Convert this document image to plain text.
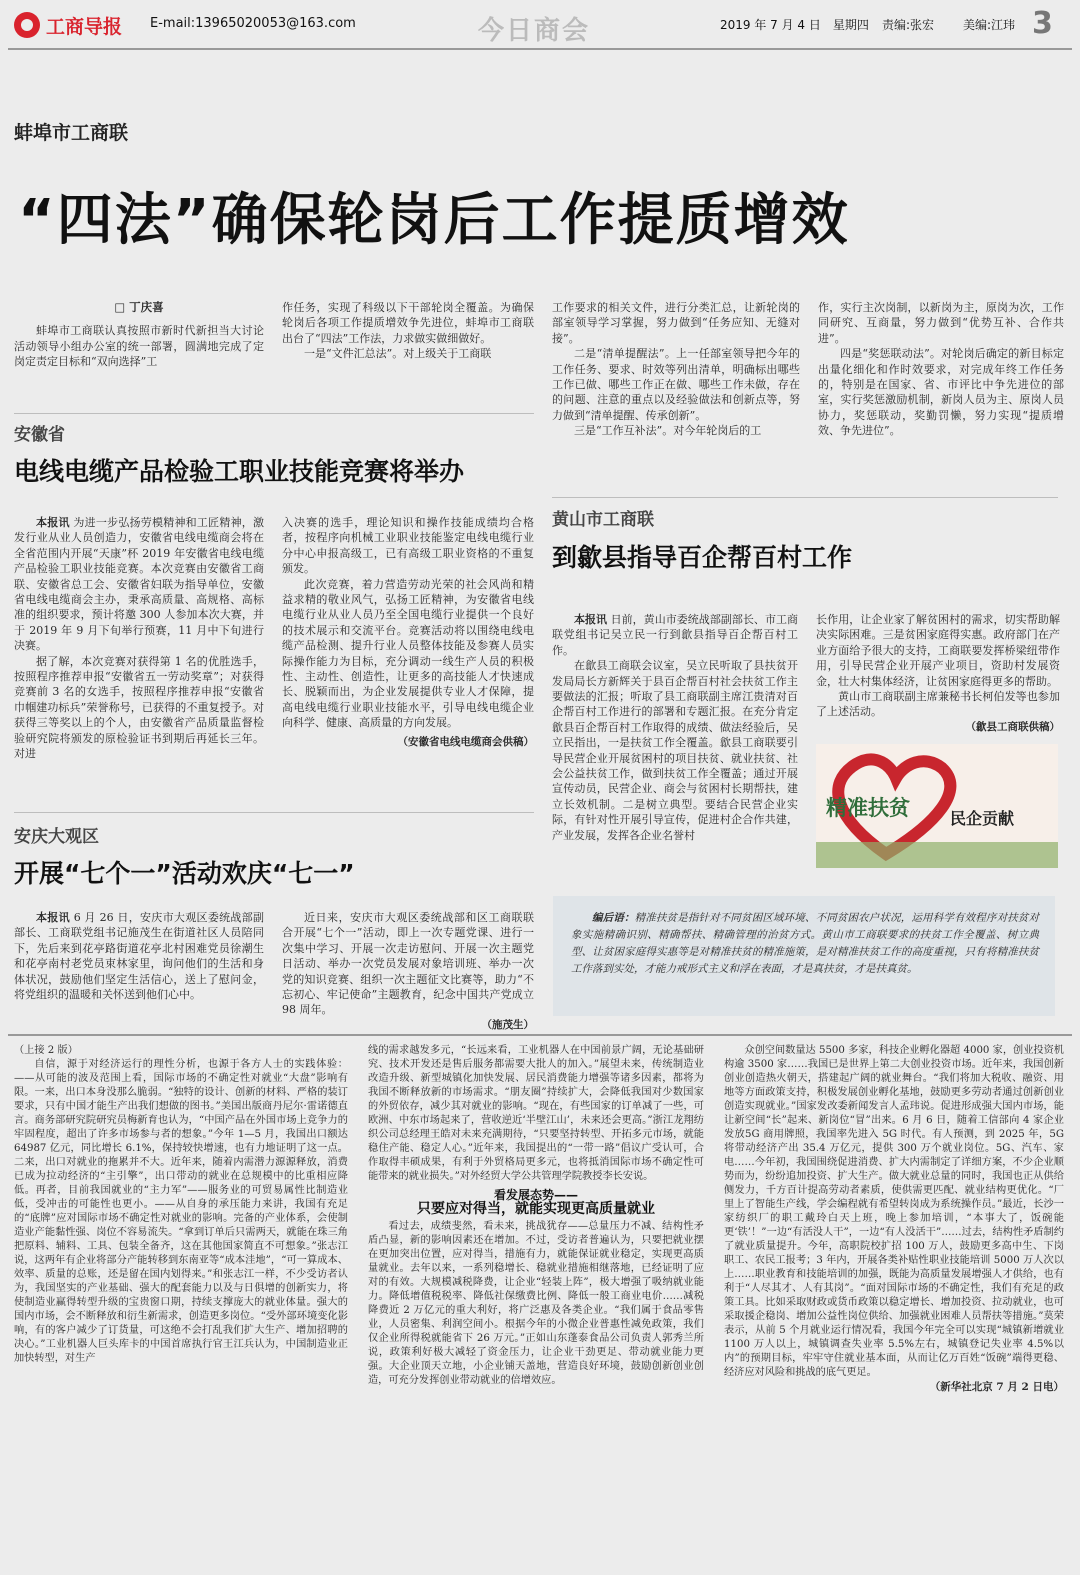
工商导报 E-mail:13965020053@163.com	今日商会	2019 年 7 月 4 日　星期四 责编:张宏 美编:江玮 3
蚌埠市工商联
“四法”确保轮岗后工作提质增效

□ 丁庆喜

蚌埠市工商联认真按照市新时代新担当大讨论活动领导小组办公室的统一部署，圆满地完成了定岗定责定目标和“双向选择”工

作任务，实现了科级以下干部轮岗全覆盖。为确保轮岗后各项工作提质增效争先进位，蚌埠市工商联出台了“四法”工作法，力求做实做细做好。

一是“文件汇总法”。对上级关于工商联

工作要求的相关文件，进行分类汇总，让新轮岗的部室领导学习掌握，努力做到“任务应知、无缝对接”。

二是“清单提醒法”。上一任部室领导把今年的工作任务、要求、时效等列出清单，明确标出哪些工作已做、哪些工作正在做、哪些工作未做，存在的问题、注意的重点以及经验做法和创新点等，努力做到“清单提醒、传承创新”。

三是“工作互补法”。对今年轮岗后的工

作，实行主次岗制，以新岗为主，原岗为次，工作同研究、互商量，努力做到“优势互补、合作共进”。

四是“奖惩联动法”。对轮岗后确定的新目标定出量化细化和作时效要求，对完成年终工作任务的，特别是在国家、省、市评比中争先进位的部室，实行奖惩激励机制，新岗人员为主、原岗人员协力，奖惩联动，奖勤罚懒，努力实现“提质增效、争先进位”。

安徽省
电线电缆产品检验工职业技能竞赛将举办

本报讯 为进一步弘扬劳模精神和工匠精神，激发行业从业人员创造力，安徽省电线电缆商会将在全省范围内开展“天康”杯 2019 年安徽省电线电缆产品检验工职业技能竞赛。本次竞赛由安徽省工商联、安徽省总工会、安徽省妇联为指导单位，安徽省电线电缆商会主办，秉承高质量、高规格、高标准的组织要求，预计将邀 300 人参加本次大赛，并于 2019 年 9 月下旬举行预赛，11 月中下旬进行决赛。

据了解，本次竞赛对获得第 1 名的优胜选手，按照程序推荐申报“安徽省五一劳动奖章”；对获得竞赛前 3 名的女选手，按照程序推荐申报“安徽省巾帼建功标兵”荣誉称号，已获得的不重复授予。对获得三等奖以上的个人，由安徽省产品质量监督检验研究院将颁发的原检验证书到期后再延长三年。对进

入决赛的选手，理论知识和操作技能成绩均合格者，按程序向机械工业职业技能鉴定电线电缆行业分中心申报高级工，已有高级工职业资格的不重复颁发。

此次竞赛，着力营造劳动光荣的社会风尚和精益求精的敬业风气，弘扬工匠精神，为安徽省电线电缆行业从业人员乃至全国电缆行业提供一个良好的技术展示和交流平台。竞赛活动将以围绕电线电缆产品检测、提升行业人员整体技能及参赛人员实际操作能力为目标，充分调动一线生产人员的积极性、主动性、创造性，让更多的高技能人才快速成长、脱颖而出，为企业发展提供专业人才保障，提高电线电缆行业职业技能水平，引导电线电缆企业向科学、健康、高质量的方向发展。

（安徽省电线电缆商会供稿）

安庆大观区
开展“七个一”活动欢庆“七一”

本报讯 6 月 26 日，安庆市大观区委统战部副部长、工商联党组书记施茂生在街道社区人员陪同下，先后来到花亭路街道花亭北村困难党员徐潮生和花亭南村老党员束林家里，询问他们的生活和身体状况，鼓励他们坚定生活信心，送上了慰问金，将党组织的温暖和关怀送到他们心中。

近日来，安庆市大观区委统战部和区工商联联合开展“七个一”活动，即上一次专题党课、进行一次集中学习、开展一次走访慰问、开展一次主题党日活动、举办一次党员发展对象培训班、举办一次党的知识竞赛、组织一次主题征文比赛等，助力“不忘初心、牢记使命”主题教育，纪念中国共产党成立 98 周年。

（施茂生）

黄山市工商联
到歙县指导百企帮百村工作

本报讯 日前，黄山市委统战部副部长、市工商联党组书记吴立民一行到歙县指导百企帮百村工作。

在歙县工商联会议室，吴立民听取了县扶贫开发局局长方新辉关于县百企帮百村社会扶贫工作主要做法的汇报；听取了县工商联副主席江贵清对百企帮百村工作进行的部署和专题汇报。在充分肯定歙县百企帮百村工作取得的成绩、做法经验后，吴立民指出，一是扶贫工作全覆盖。歙县工商联要引导民营企业开展贫困村的项目扶贫、就业扶贫、社会公益扶贫工作，做到扶贫工作全覆盖；通过开展宣传动员，民营企业、商会与贫困村长期帮扶，建立长效机制。二是树立典型。要结合民营企业实际，有针对性开展引导宣传，促进村企合作共建，产业发展，发挥各企业名誉村

长作用，让企业家了解贫困村的需求，切实帮助解决实际困难。三是贫困家庭得实惠。政府部门在产业方面给予很大的支持，工商联要发挥桥梁纽带作用，引导民营企业开展产业项目，资助村发展资金，壮大村集体经济，让贫困家庭得更多的帮助。

黄山市工商联副主席兼秘书长柯伯发等也参加了上述活动。

（歙县工商联供稿）

精准扶贫	民企贡献

编后语：精准扶贫是指针对不同贫困区域环境、不同贫困农户状况，运用科学有效程序对扶贫对象实施精确识别、精确帮扶、精确管理的治贫方式。黄山市工商联要求的扶贫工作全覆盖、树立典型、让贫困家庭得实惠等是对精准扶贫的精准施策，是对精准扶贫工作的高度重视，只有将精准扶贫工作落到实处，才能力戒形式主义和浮在表面，才是真扶贫，才是扶真贫。

（上接 2 版）

自信，源于对经济运行的理性分析，也源于各方人士的实践体验：——从可能的波及范围上看，国际市场的不确定性对就业“大盘”影响有限。一来，出口本身没那么脆弱。“独特的设计、创新的材料、严格的装订要求，只有中国才能生产出我们想做的图书。”美国出版商丹尼尔·雷诺德直言。商务部研究院研究员梅新育也认为，“中国产品在外国市场上竞争力的牢固程度，超出了许多市场参与者的想象。”今年 1—5 月，我国出口额达 64987 亿元，同比增长 6.1%，保持较快增速，也有力地证明了这一点。二来，出口对就业的拖累并不大。近年来，随着内需潜力源源释放，消费已成为拉动经济的“主引擎”，出口带动的就业在总规模中的比重相应降低。再者，目前我国就业的“主力军”——服务业的可贸易属性比制造业低，受冲击的可能性也更小。——从自身的承压能力来讲，我国有充足的“底牌”应对国际市场不确定性对就业的影响。完备的产业体系，会使制造业产能黏性强、岗位不容易流失。“拿到订单后只需两天，就能在珠三角把原料、辅料、工具、包装全备齐，这在其他国家简直不可想象。”张志江说，这两年有企业将部分产能转移到东南亚等“成本洼地”，“可一算成本、效率、质量的总账，还是留在国内划得来。”和张志江一样，不少受访者认为，我国坚实的产业基础、强大的配套能力以及与日俱增的创新实力，将使制造业赢得转型升级的宝贵窗口期，持续支撑庞大的就业体量。强大的国内市场，会不断释放和衍生新需求，创造更多岗位。“受外部环境变化影响，有的客户减少了订货量，可这绝不会打乱我们扩大生产、增加招聘的决心。”工业机器人巨头库卡的中国首席执行官王江兵认为，中国制造业正加快转型，对生产

线的需求越发多元，“长远来看，工业机器人在中国前景广阔，无论基础研究、技术开发还是售后服务都需要大批人的加入。”展望未来，传统制造业改造升级、新型城镇化加快发展、居民消费能力增强等诸多因素，都将为我国不断释放新的市场需求。“朋友圈”持续扩大，会降低我国对少数国家的外贸依存，减少其对就业的影响。“现在，有些国家的订单减了一些，可欧洲、中东市场起来了，营收逆近‘半壁江山’，未来还会更高。”浙江龙翔纺织公司总经理王皓对未来充满期待，“只要坚持转型、开拓多元市场，就能稳住产能、稳定人心。”近年来，我国提出的“一带一路”倡议广受认可，合作取得丰硕成果，有利于外贸格局更多元，也将抵消国际市场不确定性可能带来的就业损失。”对外经贸大学公共管理学院教授李长安说。

看发展态势——
只要应对得当，就能实现更高质量就业

看过去，成绩斐然，看未来，挑战犹存——总量压力不减、结构性矛盾凸显，新的影响因素还在增加。不过，受访者普遍认为，只要把就业摆在更加突出位置，应对得当，措施有力，就能保证就业稳定，实现更高质量就业。去年以来，一系列稳增长、稳就业措施相继落地，已经证明了应对的有效。大规模减税降费，让企业“轻装上阵”，极大增强了吸纳就业能力。降低增值税税率、降低社保缴费比例、降低一般工商业电价……减税降费近 2 万亿元的重大利好，将广泛惠及各类企业。“我们属于食品零售业，人员密集、利润空间小。根据今年的小微企业普惠性减免政策，我们仅企业所得税就能省下 26 万元。”正如山东蓬泰食品公司负责人郭秀兰所说，政策利好极大减轻了资金压力，让企业干劲更足、带动就业能力更强。大企业顶天立地，小企业铺天盖地，营造良好环境，鼓励创新创业创造，可充分发挥创业带动就业的倍增效应。

众创空间数量达 5500 多家，科技企业孵化器超 4000 家，创业投资机构逾 3500 家……我国已是世界上第二大创业投资市场。近年来，我国创新创业创造热火朝天，搭建起广阔的就业舞台。“我们将加大税收、融资、用地等方面政策支持，积极发展创业孵化基地，鼓励更多劳动者通过创新创业创造实现就业。”国家发改委新闻发言人孟玮说。促进形成强大国内市场，能让新空间“长”起来、新岗位“冒”出来。6 月 6 日，随着工信部向 4 家企业发放5G 商用牌照，我国率先进入 5G 时代。有人预测，到 2025 年，5G 将带动经济产出 35.4 万亿元，提供 300 万个就业岗位。5G、汽车、家电……今年初，我国围绕促进消费、扩大内需制定了详细方案，不少企业顺势而为，纷纷追加投资、扩大生产。做大就业总量的同时，我国也正从供给侧发力，千方百计提高劳动者素质，使供需更匹配、就业结构更优化。“厂里上了智能生产线，学会编程就有希望转岗成为系统操作员。”最近，长沙一家纺织厂的职工戴玲白天上班，晚上参加培训，“本事大了，饭碗能更‘铁’！”一边“有活没人干”，一边“有人没活干”……过去，结构性矛盾制约了就业质量提升。今年，高职院校扩招 100 万人，鼓励更多高中生、下岗职工、农民工报考；3 年内，开展各类补贴性职业技能培训 5000 万人次以上……职业教育和技能培训的加强，既能为高质量发展增强人才供给，也有利于“人尽其才、人有其岗”。“面对国际市场的不确定性，我们有充足的政策工具。比如采取财政或货币政策以稳定增长、增加投资、拉动就业，也可采取援企稳岗、增加公益性岗位供给、加强就业困难人员帮扶等措施。”莫荣表示，从前 5 个月就业运行情况看，我国今年完全可以实现“城镇新增就业 1100 万人以上，城镇调查失业率 5.5%左右，城镇登记失业率 4.5%以内”的预期目标，牢牢守住就业基本面，从而让亿万百姓“饭碗”端得更稳、经济应对风险和挑战的底气更足。

（新华社北京 7 月 2 日电）
